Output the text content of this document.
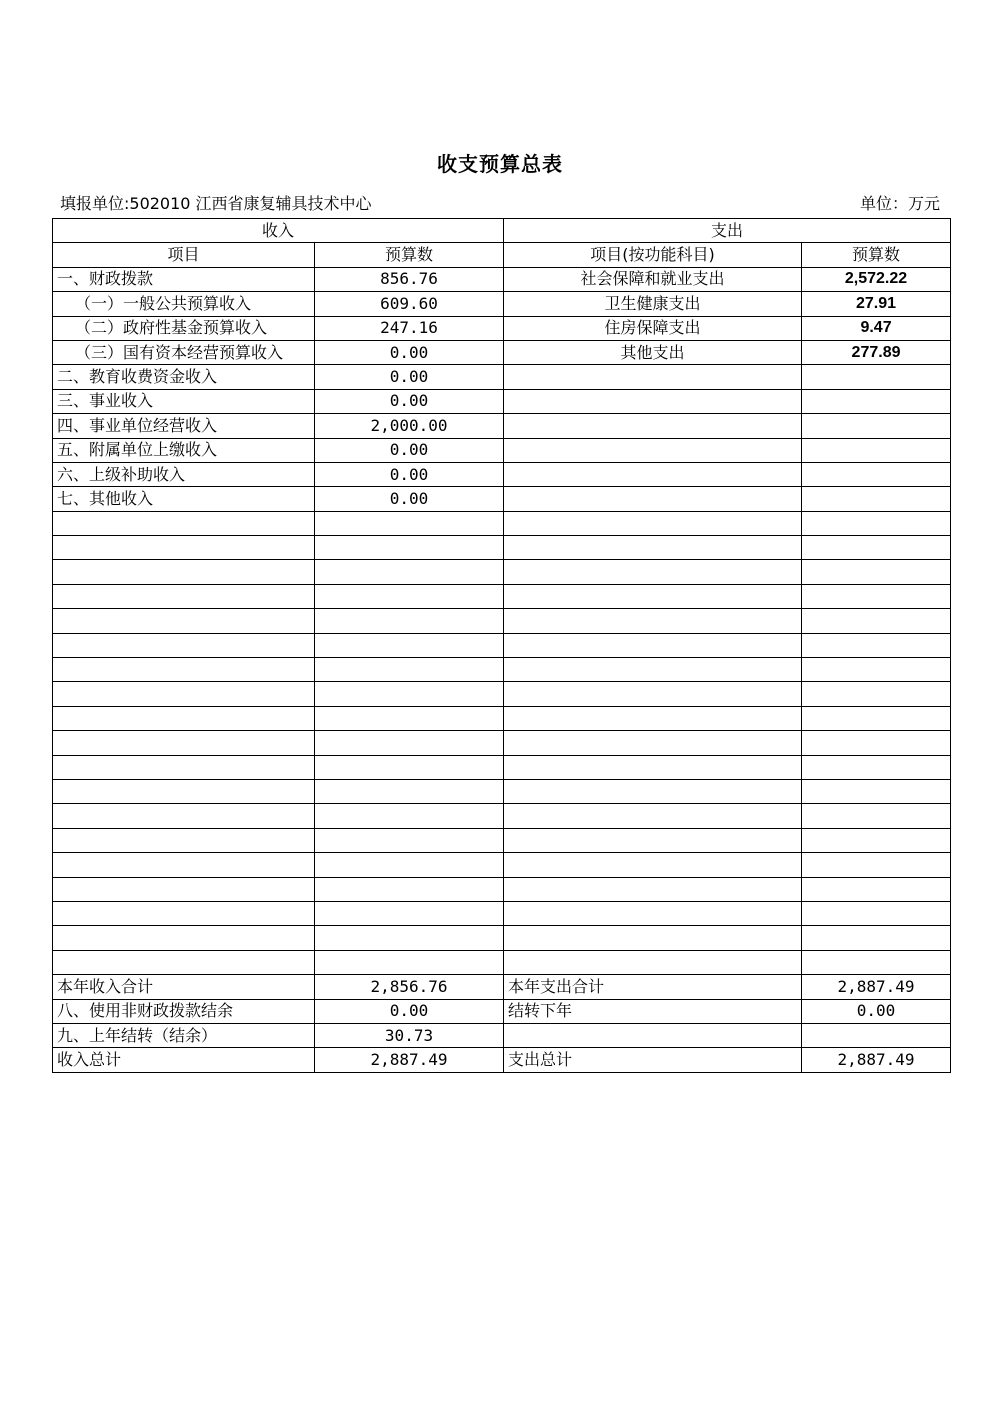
收支预算总表
填报单位:502010 江西省康复辅具技术中心	单位：万元
收入		支出	
项目	预算数	项目(按功能科目)	预算数
一、财政拨款	856.76	社会保障和就业支出	2,572.22
（一）一般公共预算收入	609.60	卫生健康支出	27.91
（二）政府性基金预算收入	247.16	住房保障支出	9.47
（三）国有资本经营预算收入	0.00	其他支出	277.89
二、教育收费资金收入	0.00		
三、事业收入	0.00		
四、事业单位经营收入	2,000.00		
五、附属单位上缴收入	0.00		
六、上级补助收入	0.00		
七、其他收入	0.00		

本年收入合计	2,856.76	本年支出合计	2,887.49
八、使用非财政拨款结余	0.00	结转下年	0.00
九、上年结转（结余）	30.73		
收入总计	2,887.49	支出总计	2,887.49
